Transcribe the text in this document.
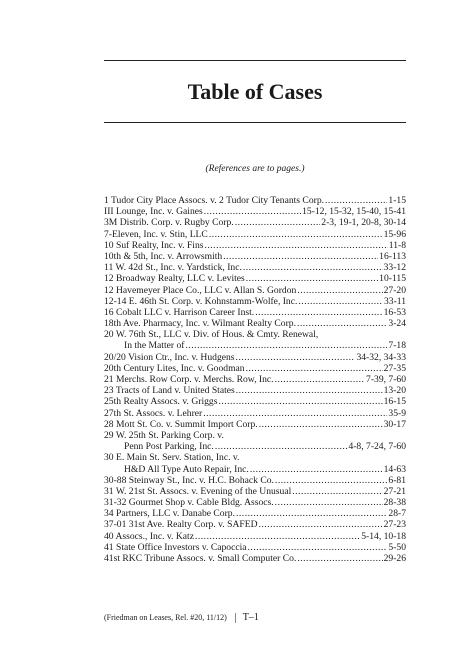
Table of Cases
(References are to pages.)
1 Tudor City Place Assocs. v. 2 Tudor City Tenants Corp. .....	1-15
III Lounge, Inc. v. Gaines .....	15-12, 15-32, 15-40, 15-41
3M Distrib. Corp. v. Rugby Corp. .....	2-3, 19-1, 20-8, 30-14
7-Eleven, Inc. v. Stin, LLC .....	15-96
10 Suf Realty, Inc. v. Fins .....	11-8
10th & 5th, Inc. v. Arrowsmith .....	16-113
11 W. 42d St., Inc. v. Yardstick, Inc. .....	33-12
12 Broadway Realty, LLC v. Levites .....	10-115
12 Havemeyer Place Co., LLC v. Allan S. Gordon .....	27-20
12-14 E. 46th St. Corp. v. Kohnstamm-Wolfe, Inc. .....	33-11
16 Cobalt LLC v. Harrison Career Inst. .....	16-53
18th Ave. Pharmacy, Inc. v. Wilmant Realty Corp. .....	3-24
20 W. 76th St., LLC v. Div. of Hous. & Cmty. Renewal,
In the Matter of .....	7-18
20/20 Vision Ctr., Inc. v. Hudgens .....	34-32, 34-33
20th Century Lites, Inc. v. Goodman .....	27-35
21 Merchs. Row Corp. v. Merchs. Row, Inc. .....	7-39, 7-60
23 Tracts of Land v. United States .....	13-20
25th Realty Assocs. v. Griggs .....	16-15
27th St. Assocs. v. Lehrer .....	35-9
28 Mott St. Co. v. Summit Import Corp. .....	30-17
29 W. 25th St. Parking Corp. v.
Penn Post Parking, Inc. .....	4-8, 7-24, 7-60
30 E. Main St. Serv. Station, Inc. v.
H&D All Type Auto Repair, Inc. .....	14-63
30-88 Steinway St., Inc. v. H.C. Bohack Co. .....	6-81
31 W. 21st St. Assocs. v. Evening of the Unusual .....	27-21
31-32 Gourmet Shop v. Cable Bldg. Assocs. .....	28-38
34 Partners, LLC v. Danabe Corp. .....	28-7
37-01 31st Ave. Realty Corp. v. SAFED .....	27-23
40 Assocs., Inc. v. Katz .....	5-14, 10-18
41 State Office Investors v. Capoccia .....	5-50
41st RKC Tribune Assocs. v. Small Computer Co. .....	29-26
(Friedman on Leases, Rel. #20, 11/12) T–1
